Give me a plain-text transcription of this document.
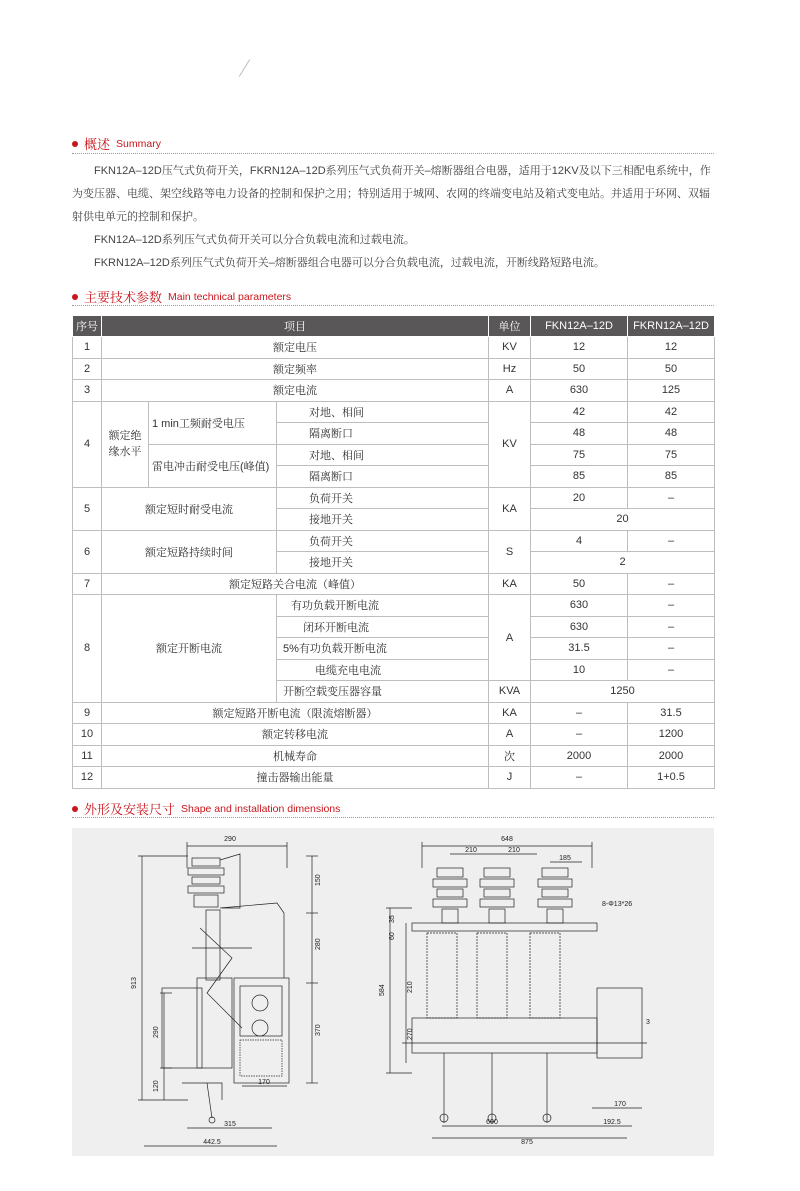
概述 Summary

FKN12A–12D压气式负荷开关，FKRN12A–12D系列压气式负荷开关–熔断器组合电器，适用于12KV及以下三相配电系统中，作为变压器、电缆、架空线路等电力设备的控制和保护之用；特别适用于城网、农网的终端变电站及箱式变电站。并适用于环网、双辐射供电单元的控制和保护。

FKN12A–12D系列压气式负荷开关可以分合负载电流和过载电流。

FKRN12A–12D系列压气式负荷开关–熔断器组合电器可以分合负载电流，过载电流，开断线路短路电流。

主要技术参数 Main technical parameters
序号	项目			单位	FKN12A–12D	FKRN12A–12D
1	额定电压			KV	12	12
2	额定频率			Hz	50	50
3	额定电流			A	630	125
4	额定绝缘水平	1 min工频耐受电压	对地、相间	KV	42	42
			隔离断口		48	48
		雷电冲击耐受电压(峰值)	对地、相间		75	75
			隔离断口		85	85
5	额定短时耐受电流		负荷开关	KA	20	–
			接地开关		20	
6	额定短路持续时间		负荷开关	S	4	–
			接地开关		2	
7	额定短路关合电流（峰值）			KA	50	–
8	额定开断电流		有功负载开断电流	A	630	–
			闭环开断电流		630	–
			5%有功负载开断电流		31.5	–
			电缆充电电流		10	–
			开断空载变压器容量	KVA	1250	
9	额定短路开断电流（限流熔断器）			KA	–	31.5
10	额定转移电流			A	–	1200
11	机械寿命			次	2000	2000
12	撞击器输出能量			J	–	1+0.5
外形及安装尺寸 Shape and installation dimensions
290
913
150
280
370
290
120	170
315
442.5
648
210	210
185
8-Φ13*26
60
35
210
584
270
3
170
600	192.5
875
